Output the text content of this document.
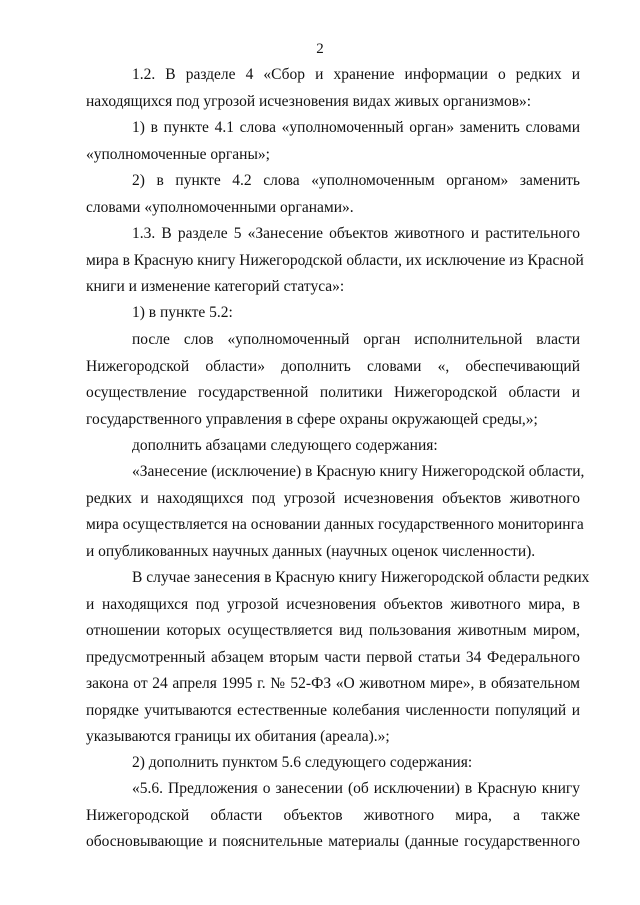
2
1.2. В разделе 4 «Сбор и хранение информации о редких и
находящихся под угрозой исчезновения видах живых организмов»:
1) в пункте 4.1 слова «уполномоченный орган» заменить словами
«уполномоченные органы»;
2) в пункте 4.2 слова «уполномоченным органом» заменить
словами «уполномоченными органами».
1.3. В разделе 5 «Занесение объектов животного и растительного
мира в Красную книгу Нижегородской области, их исключение из Красной
книги и изменение категорий статуса»:
1) в пункте 5.2:
после слов «уполномоченный орган исполнительной власти
Нижегородской области» дополнить словами «, обеспечивающий
осуществление государственной политики Нижегородской области и
государственного управления в сфере охраны окружающей среды,»;
дополнить абзацами следующего содержания:
«Занесение (исключение) в Красную книгу Нижегородской области,
редких и находящихся под угрозой исчезновения объектов животного
мира осуществляется на основании данных государственного мониторинга
и опубликованных научных данных (научных оценок численности).
В случае занесения в Красную книгу Нижегородской области редких
и находящихся под угрозой исчезновения объектов животного мира, в
отношении которых осуществляется вид пользования животным миром,
предусмотренный абзацем вторым части первой статьи 34 Федерального
закона от 24 апреля 1995 г. № 52-ФЗ «О животном мире», в обязательном
порядке учитываются естественные колебания численности популяций и
указываются границы их обитания (ареала).»;
2) дополнить пунктом 5.6 следующего содержания:
«5.6. Предложения о занесении (об исключении) в Красную книгу
Нижегородской области объектов животного мира, а также
обосновывающие и пояснительные материалы (данные государственного
